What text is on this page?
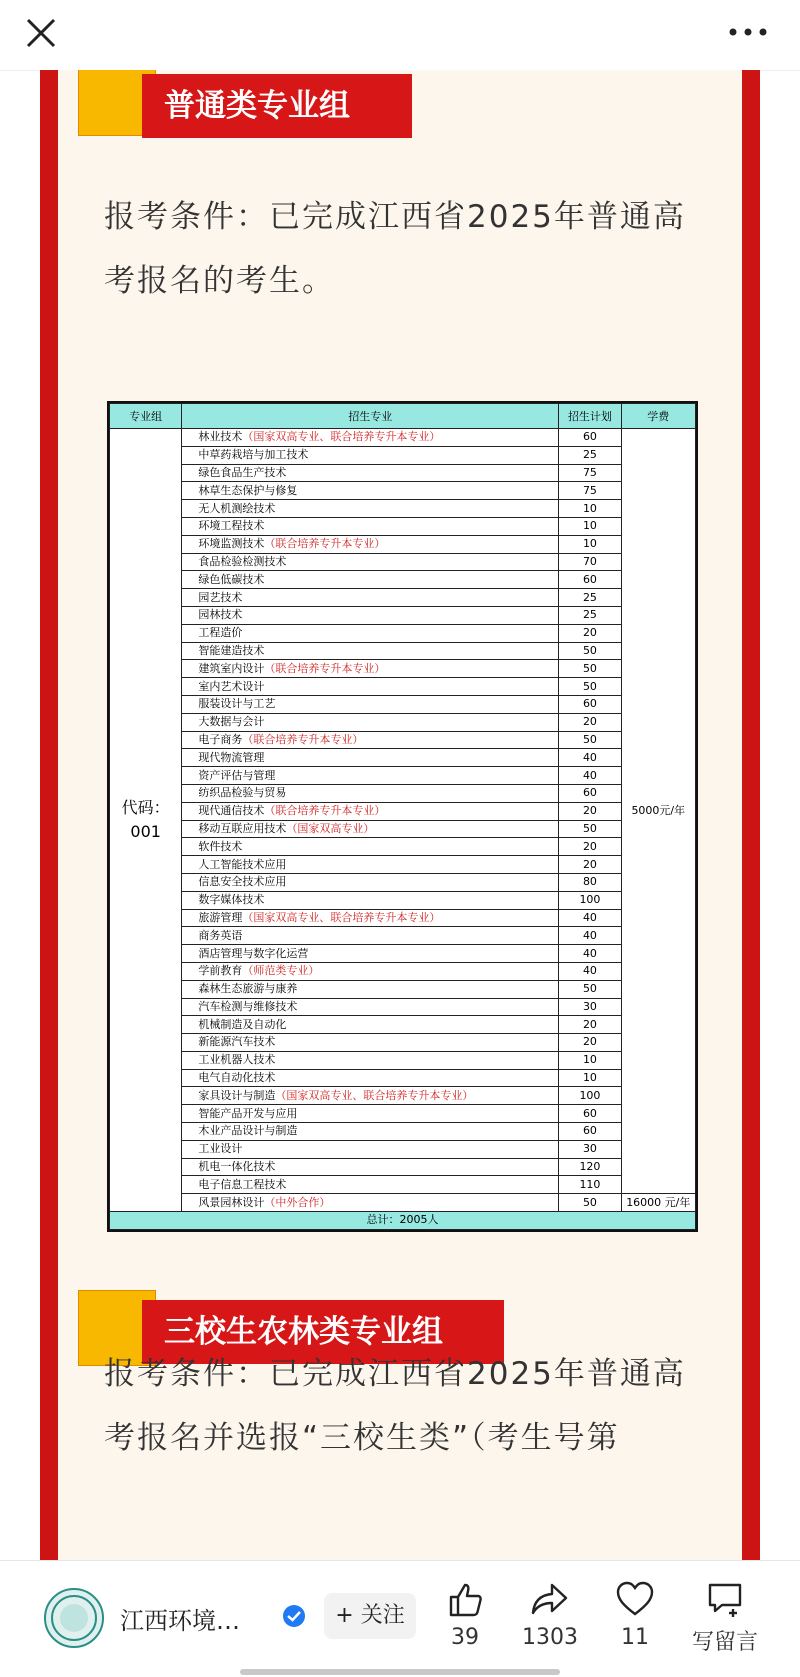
普通类专业组
报考条件：已完成江西省2025年普通高考报名的考生。
专业组	招生专业	招生计划	学费
代码：001	林业技术（国家双高专业、联合培养专升本专业）	60	5000元/年
	中草药栽培与加工技术	25	
	绿色食品生产技术	75	
	林草生态保护与修复	75	
	无人机测绘技术	10	
	环境工程技术	10	
	环境监测技术（联合培养专升本专业）	10	
	食品检验检测技术	70	
	绿色低碳技术	60	
	园艺技术	25	
	园林技术	25	
	工程造价	20	
	智能建造技术	50	
	建筑室内设计（联合培养专升本专业）	50	
	室内艺术设计	50	
	服装设计与工艺	60	
	大数据与会计	20	
	电子商务（联合培养专升本专业）	50	
	现代物流管理	40	
	资产评估与管理	40	
	纺织品检验与贸易	60	
	现代通信技术（联合培养专升本专业）	20	
	移动互联应用技术（国家双高专业）	50	
	软件技术	20	
	人工智能技术应用	20	
	信息安全技术应用	80	
	数字媒体技术	100	
	旅游管理（国家双高专业、联合培养专升本专业）	40	
	商务英语	40	
	酒店管理与数字化运营	40	
	学前教育（师范类专业）	40	
	森林生态旅游与康养	50	
	汽车检测与维修技术	30	
	机械制造及自动化	20	
	新能源汽车技术	20	
	工业机器人技术	10	
	电气自动化技术	10	
	家具设计与制造（国家双高专业、联合培养专升本专业）	100	
	智能产品开发与应用	60	
	木业产品设计与制造	60	
	工业设计	30	
	机电一体化技术	120	
	电子信息工程技术	110	
	风景园林设计（中外合作）	50	16000 元/年
总计：2005人			
三校生农林类专业组
报考条件：已完成江西省2025年普通高考报名并选报“三校生类”（考生号第
江西环境…	+ 关注
39	1303	11	写留言
